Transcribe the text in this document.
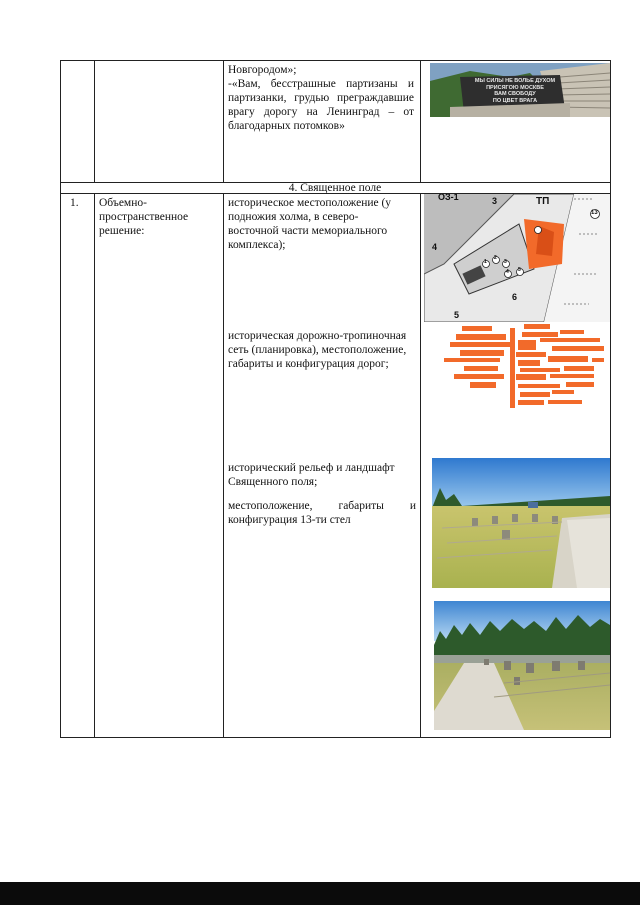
Новгородом»;
-«Вам, бесстрашные партизаны и партизанки, грудью преграждавшие врагу дорогу на Ленинград – от благодарных потомков»
МЫ СИЛЫ НЕ ВОЛЬЕ ДУХОМ
ПРИСЯГОЮ МОСКВЕ
ВАМ СВОБОДУ
ПО ЦВЕТ ВРАГА
4. Священное поле
1. Объемно-
пространственное
решение:
историческое местоположение (у подножия холма, в северо-восточной части мемориального комплекса);
историческая дорожно-тропиночная сеть (планировка), местоположение, габариты и конфигурация дорог;
исторический рельеф и ландшафт Священного поля;
местоположение, габариты и конфигурация 13-ти стел
ОЗ-1	3	ТП
13
4
6
5
1
2
3
4 5
